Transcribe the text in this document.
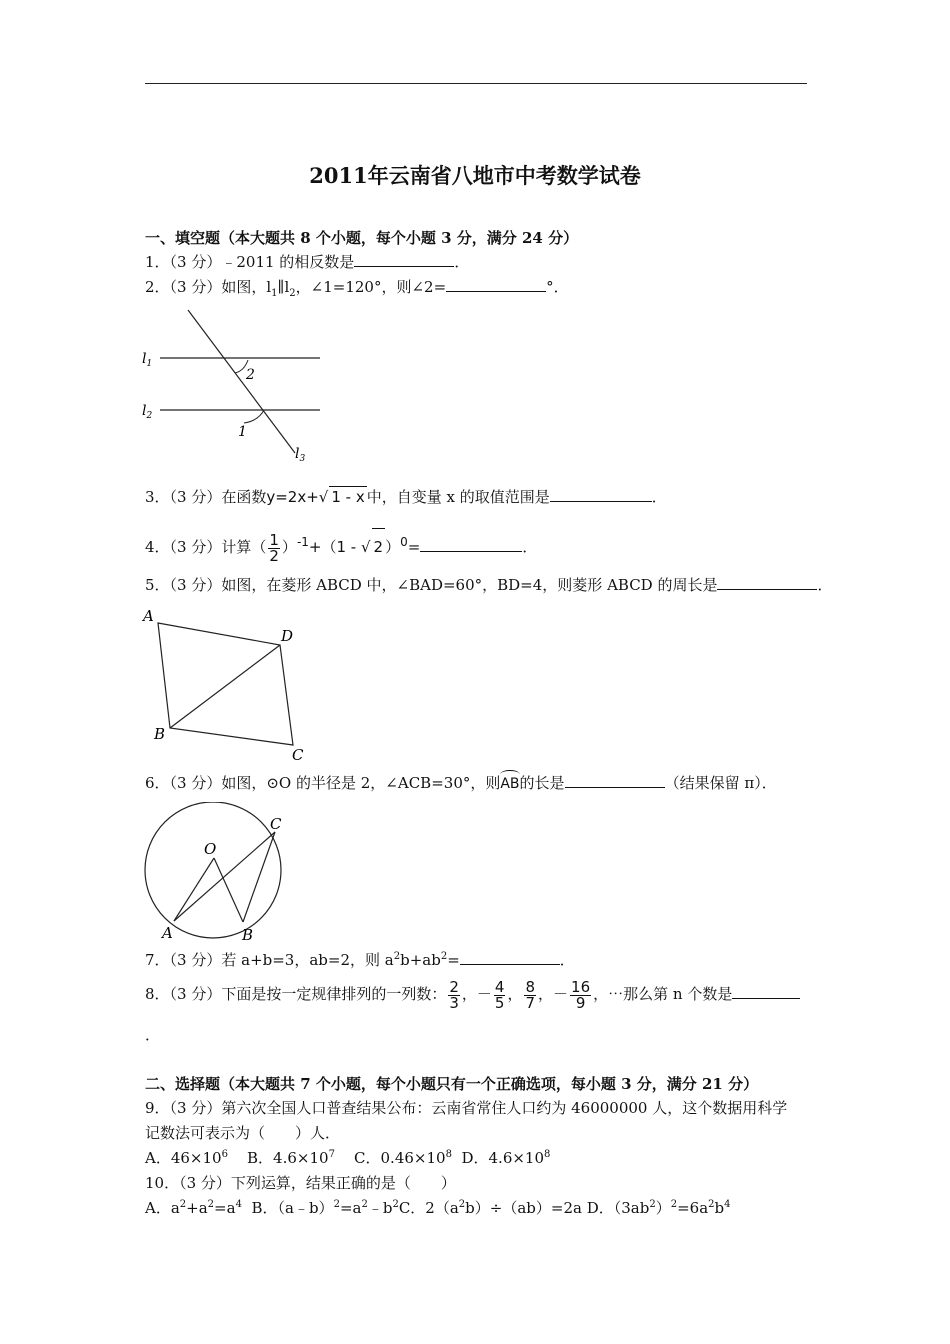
2011年云南省八地市中考数学试卷
一、填空题（本大题共 8 个小题，每个小题 3 分，满分 24 分）
1．（3 分）﹣2011 的相反数是	．
2．（3 分）如图，$l_1\parallel l_2$，∠1=120°，则∠2=	°．
$l_1$
$l_2$
$l_3$
2
1
3．（3 分）在函数y=2x+√ 1 - x 中，自变量 x 的取值范围是	．
4．（3 分）计算（ $\frac{1}{2} )^{-1}+(1$ - √ 2 ）$^0$=	．
5．（3 分）如图，在菱形 ABCD 中，∠BAD=60°，BD=4，则菱形 ABCD 的周长是	．
A
D
B
C
6．（3 分）如图，⊙O 的半径是 2，∠ACB=30°，则AB的长是	（结果保留 π）．
O
A	B
C
7．（3 分）若 a+b=3，ab=2，则 $a^2b+ab^2=$	．
8．（3 分）下面是按一定规律排列的一列数： $\frac{2}{3}$ ，－ $\frac{4}{5}$ ， $\frac{8}{7}$ ，－ $\frac{16}{9}$ ，⋯那么第 n 个数是
．
二、选择题（本大题共 7 个小题，每个小题只有一个正确选项，每小题 3 分，满分 21 分）
9．（3 分）第六次全国人口普查结果公布：云南省常住人口约为 46000000 人，这个数据用科学
记数法可表示为（　　）人．
A．$46\times 10^6$ B．$4.6\times 10^7$ C．$0.46\times 10^8$ D．$4.6\times 10^8$
10．（3 分）下列运算，结果正确的是（　　）
A．$a^2+a^2=a^4$ B．$(a﹣b)^2=a^2﹣b^2C$．$2(a^2b)\div(ab)=2a$ D．$(3ab^2)^2=6a^2b^4$
